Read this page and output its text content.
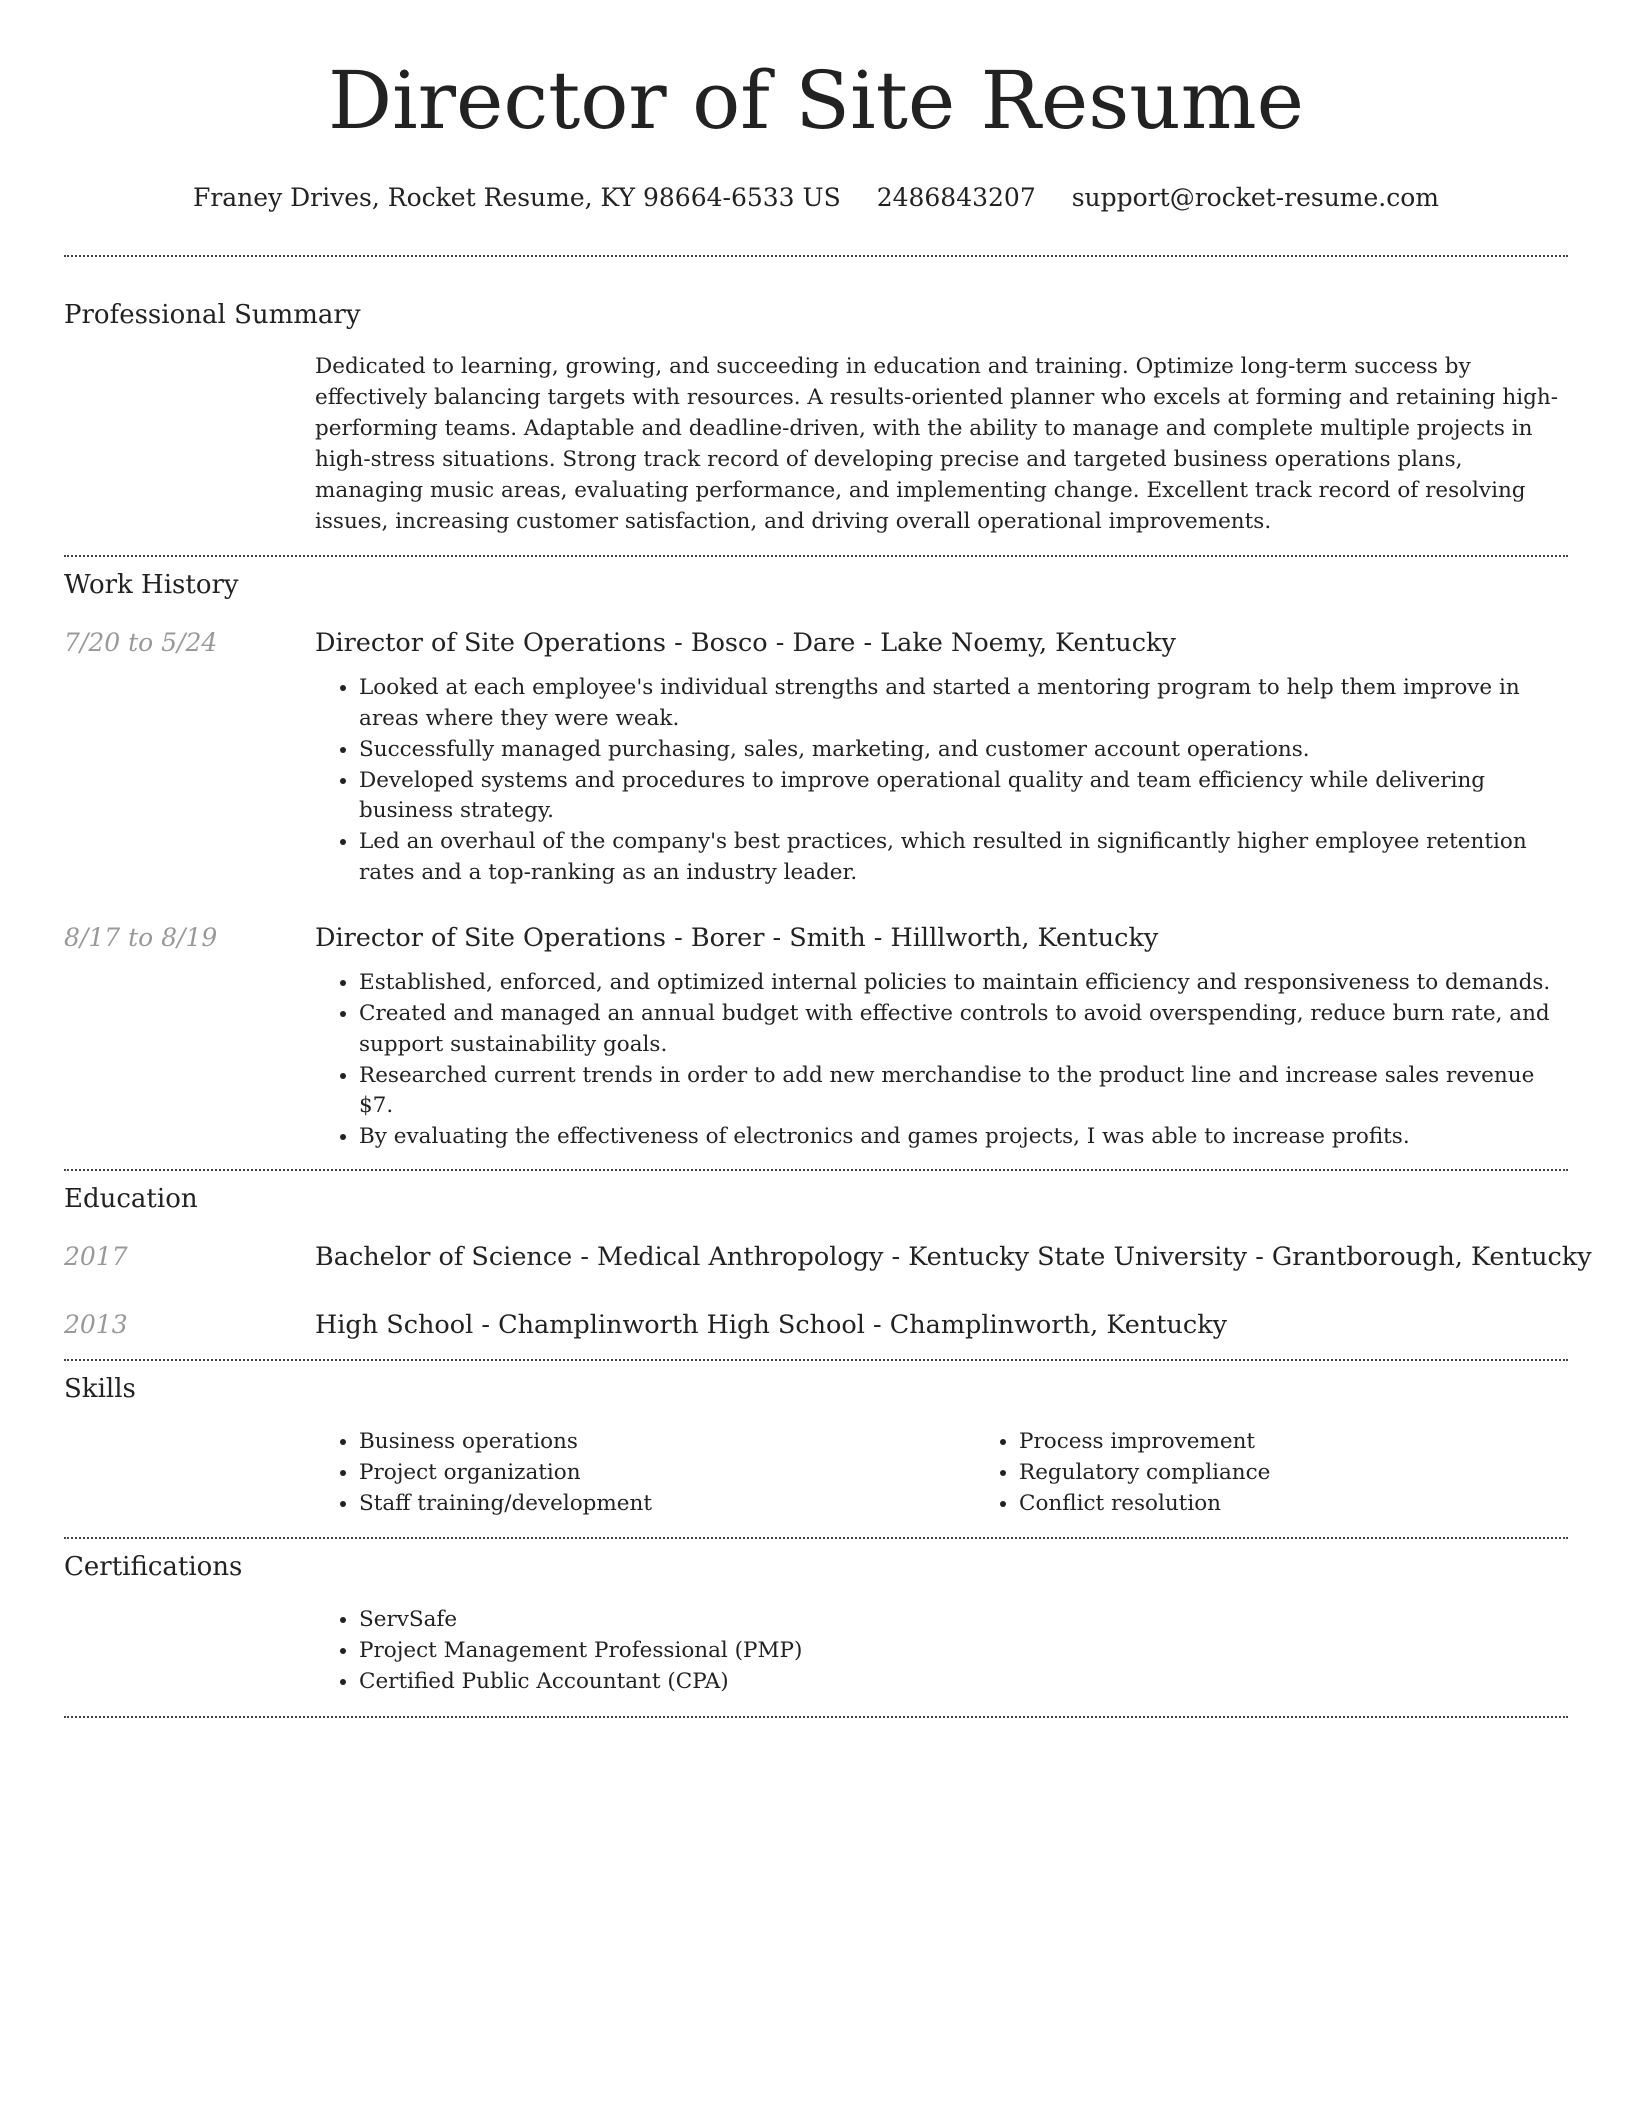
Director of Site Resume
Franey Drives, Rocket Resume, KY 98664-6533 US 2486843207 support@rocket-resume.com
Professional Summary

Dedicated to learning, growing, and succeeding in education and training. Optimize long-term success by effectively balancing targets with resources. A results-oriented planner who excels at forming and retaining high-performing teams. Adaptable and deadline-driven, with the ability to manage and complete multiple projects in high-stress situations. Strong track record of developing precise and targeted business operations plans, managing music areas, evaluating performance, and implementing change. Excellent track record of resolving issues, increasing customer satisfaction, and driving overall operational improvements.

Work History
7/20 to 5/24	Director of Site Operations - Bosco - Dare - Lake Noemy, Kentucky
• Looked at each employee's individual strengths and started a mentoring program to help them improve in areas where they were weak.
• Successfully managed purchasing, sales, marketing, and customer account operations.
• Developed systems and procedures to improve operational quality and team efficiency while delivering business strategy.
• Led an overhaul of the company's best practices, which resulted in significantly higher employee retention rates and a top-ranking as an industry leader.
8/17 to 8/19	Director of Site Operations - Borer - Smith - Hilllworth, Kentucky
• Established, enforced, and optimized internal policies to maintain efficiency and responsiveness to demands.
• Created and managed an annual budget with effective controls to avoid overspending, reduce burn rate, and support sustainability goals.
• Researched current trends in order to add new merchandise to the product line and increase sales revenue $7.
• By evaluating the effectiveness of electronics and games projects, I was able to increase profits.
Education
2017	Bachelor of Science - Medical Anthropology - Kentucky State University - Grantborough, Kentucky
2013	High School - Champlinworth High School - Champlinworth, Kentucky
Skills
• Business operations
• Project organization
• Staff training/development
• Process improvement
• Regulatory compliance
• Conflict resolution
Certifications
• ServSafe
• Project Management Professional (PMP)
• Certified Public Accountant (CPA)
